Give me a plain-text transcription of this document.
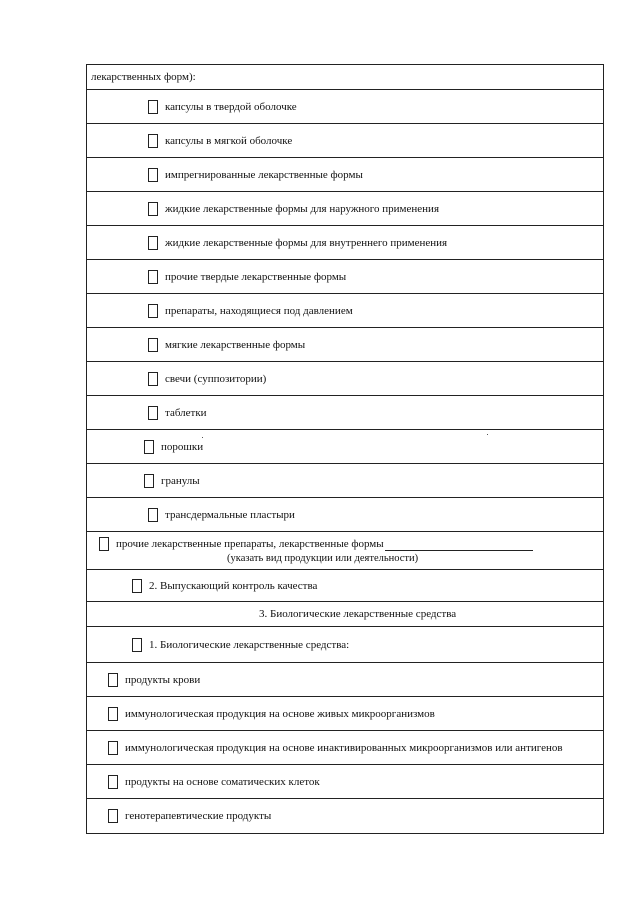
лекарственных форм):
капсулы в твердой оболочке
капсулы в мягкой оболочке
импрегнированные лекарственные формы
жидкие лекарственные формы для наружного применения
жидкие лекарственные формы для внутреннего применения
прочие твердые лекарственные формы
препараты, находящиеся под давлением
мягкие лекарственные формы
свечи (суппозитории)
таблетки
порошки
гранулы
трансдермальные пластыри
прочие лекарственные препараты, лекарственные формы
(указать вид продукции или деятельности)
2. Выпускающий контроль качества
3. Биологические лекарственные средства
1. Биологические лекарственные средства:
продукты крови
иммунологическая продукция на основе живых микроорганизмов
иммунологическая продукция на основе инактивированных микроорганизмов или антигенов
продукты на основе соматических клеток
генотерапевтические продукты
